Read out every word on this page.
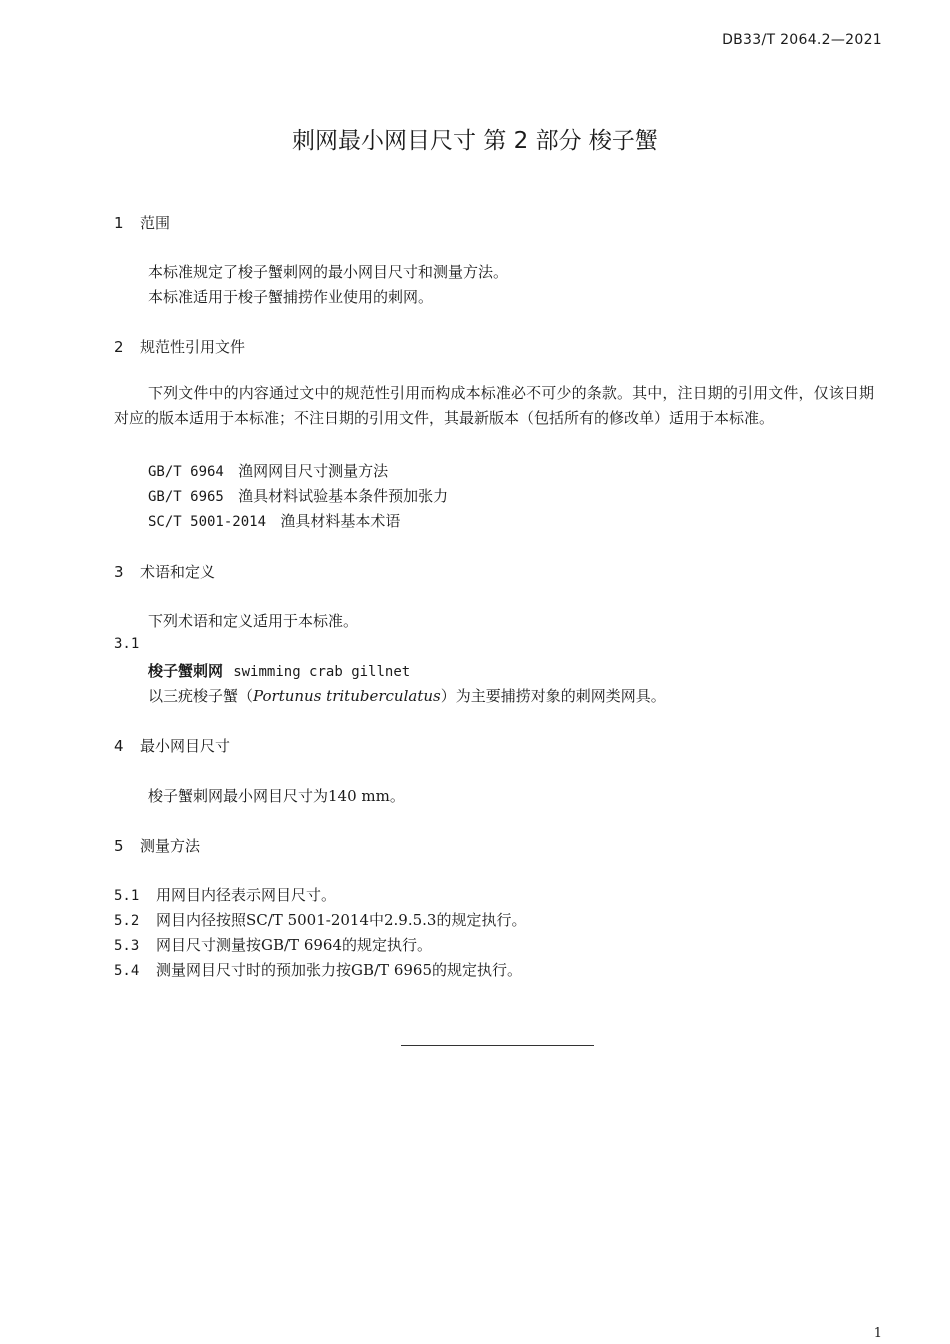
DB33/T 2064.2—2021
刺网最小网目尺寸 第 2 部分 梭子蟹
1 范围
本标准规定了梭子蟹刺网的最小网目尺寸和测量方法。
本标准适用于梭子蟹捕捞作业使用的刺网。
2 规范性引用文件
下列文件中的内容通过文中的规范性引用而构成本标准必不可少的条款。其中，注日期的引用文件，仅该日期对应的版本适用于本标准；不注日期的引用文件，其最新版本（包括所有的修改单）适用于本标准。
GB/T 6964 渔网网目尺寸测量方法
GB/T 6965 渔具材料试验基本条件预加张力
SC/T 5001-2014 渔具材料基本术语
3 术语和定义
下列术语和定义适用于本标准。
3.1
梭子蟹刺网 swimming crab gillnet
以三疣梭子蟹（Portunus trituberculatus）为主要捕捞对象的刺网类网具。
4 最小网目尺寸
梭子蟹刺网最小网目尺寸为140 mm。
5 测量方法
5.1 用网目内径表示网目尺寸。
5.2 网目内径按照SC/T 5001-2014中2.9.5.3的规定执行。
5.3 网目尺寸测量按GB/T 6964的规定执行。
5.4 测量网目尺寸时的预加张力按GB/T 6965的规定执行。
1
